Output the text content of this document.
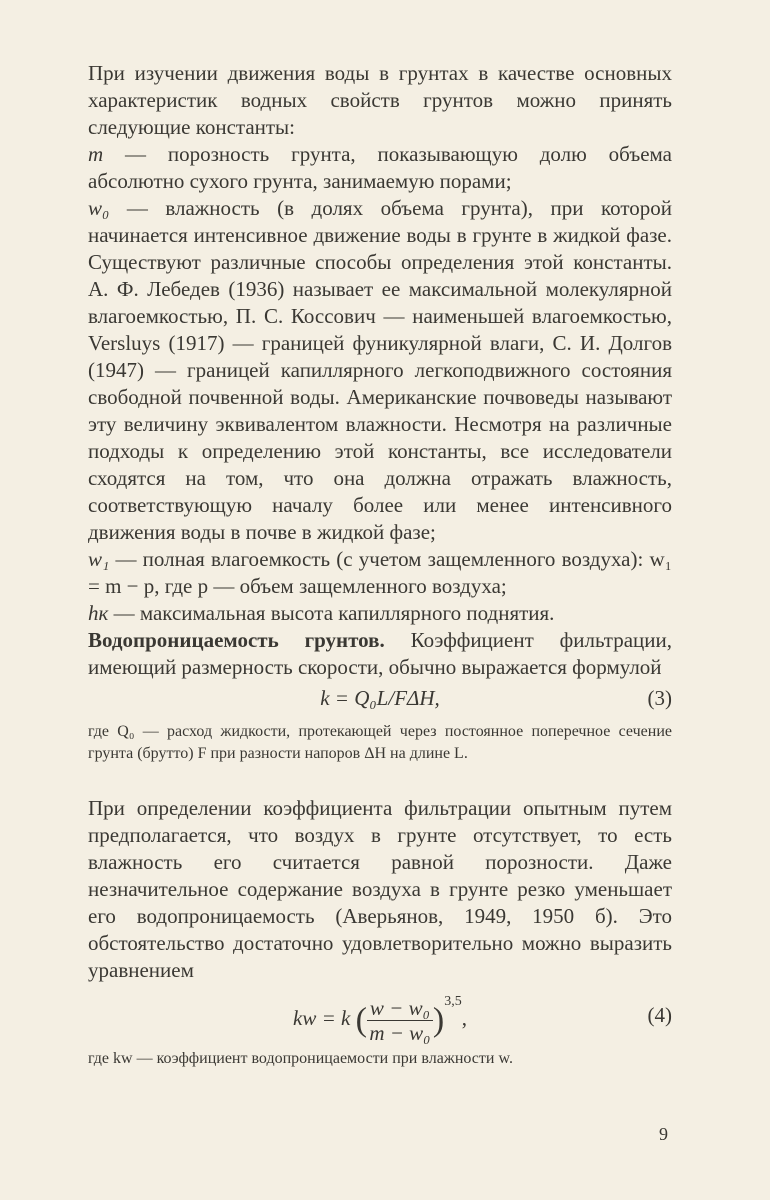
При изучении движения воды в грунтах в качестве основных характеристик водных свойств грунтов можно принять следующие константы:

m — порозность грунта, показывающую долю объема абсолютно сухого грунта, занимаемую порами;

w₀ — влажность (в долях объема грунта), при которой начинается интенсивное движение воды в грунте в жидкой фазе. Существуют различные способы определения этой константы. А. Ф. Лебедев (1936) называет ее максимальной молекулярной влагоемкостью, П. С. Коссович — наименьшей влагоемкостью, Versluys (1917) — границей фуникулярной влаги, С. И. Долгов (1947) — границей капиллярного легкоподвижного состояния свободной почвенной воды. Американские почвоведы называют эту величину эквивалентом влажности. Несмотря на различные подходы к определению этой константы, все исследователи сходятся на том, что она должна отражать влажность, соответствующую началу более или менее интенсивного движения воды в почве в жидкой фазе;

w₁ — полная влагоемкость (с учетом защемленного воздуха): w₁ = m − p, где p — объем защемленного воздуха;

hк — максимальная высота капиллярного поднятия.

Водопроницаемость грунтов. Коэффициент фильтрации, имеющий размерность скорости, обычно выражается формулой

k = Q₀L/FΔH,	(3)

где Q₀ — расход жидкости, протекающей через постоянное поперечное сечение грунта (брутто) F при разности напоров ΔH на длине L.

При определении коэффициента фильтрации опытным путем предполагается, что воздух в грунте отсутствует, то есть влажность его считается равной порозности. Даже незначительное содержание воздуха в грунте резко уменьшает его водопроницаемость (Аверьянов, 1949, 1950 б). Это обстоятельство достаточно удовлетворительно можно выразить уравнением

kw = k ( $\frac{\text{w − w₀}}{\text{m − w₀}} )^{3,5}$,	(4)

где kw — коэффициент водопроницаемости при влажности w.

9
